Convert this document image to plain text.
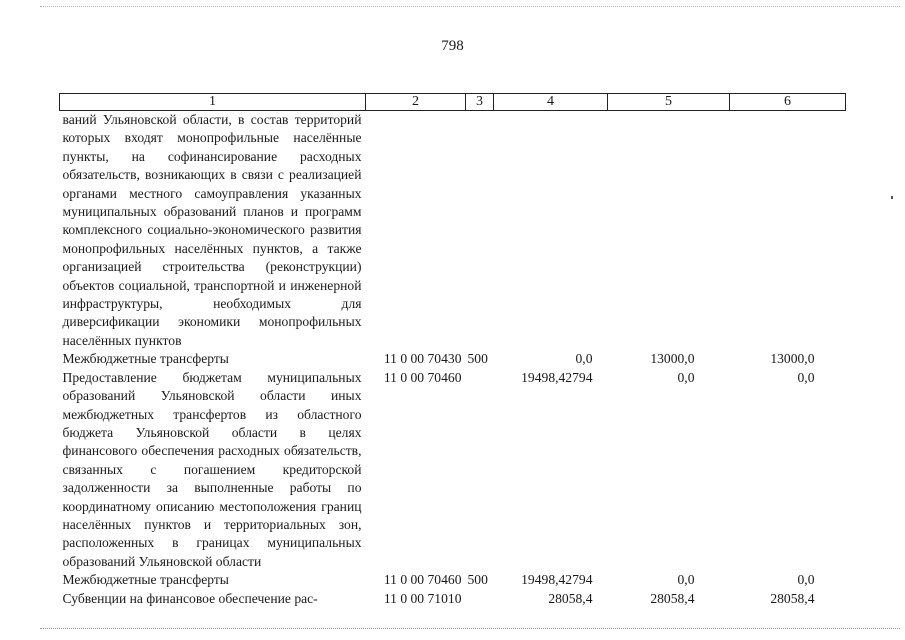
798
1	2	3	4	5	6
ваний Ульяновской области, в состав территорий которых входят монопрофильные населённые пункты, на софинансирование расходных обязательств, возникающих в связи с реализацией органами местного самоуправления указанных муниципальных образований планов и программ комплексного социально-экономического развития монопрофильных населённых пунктов, а также организацией строительства (реконструкции) объектов социальной, транспортной и инженерной инфраструктуры, необходимых для диверсификации экономики монопрофильных населённых пунктов					
Межбюджетные трансферты	11 0 00 70430	500	0,0	13000,0	13000,0
Предоставление бюджетам муниципальных образований Ульяновской области иных межбюджетных трансфертов из областного бюджета Ульяновской области в целях финансового обеспечения расходных обязательств, связанных с погашением кредиторской задолженности за выполненные работы по координатному описанию местоположения границ населённых пунктов и территориальных зон, расположенных в границах муниципальных образований Ульяновской области	11 0 00 70460		19498,42794	0,0	0,0
Межбюджетные трансферты	11 0 00 70460	500	19498,42794	0,0	0,0
Субвенции на финансовое обеспечение рас-	11 0 00 71010		28058,4	28058,4	28058,4
